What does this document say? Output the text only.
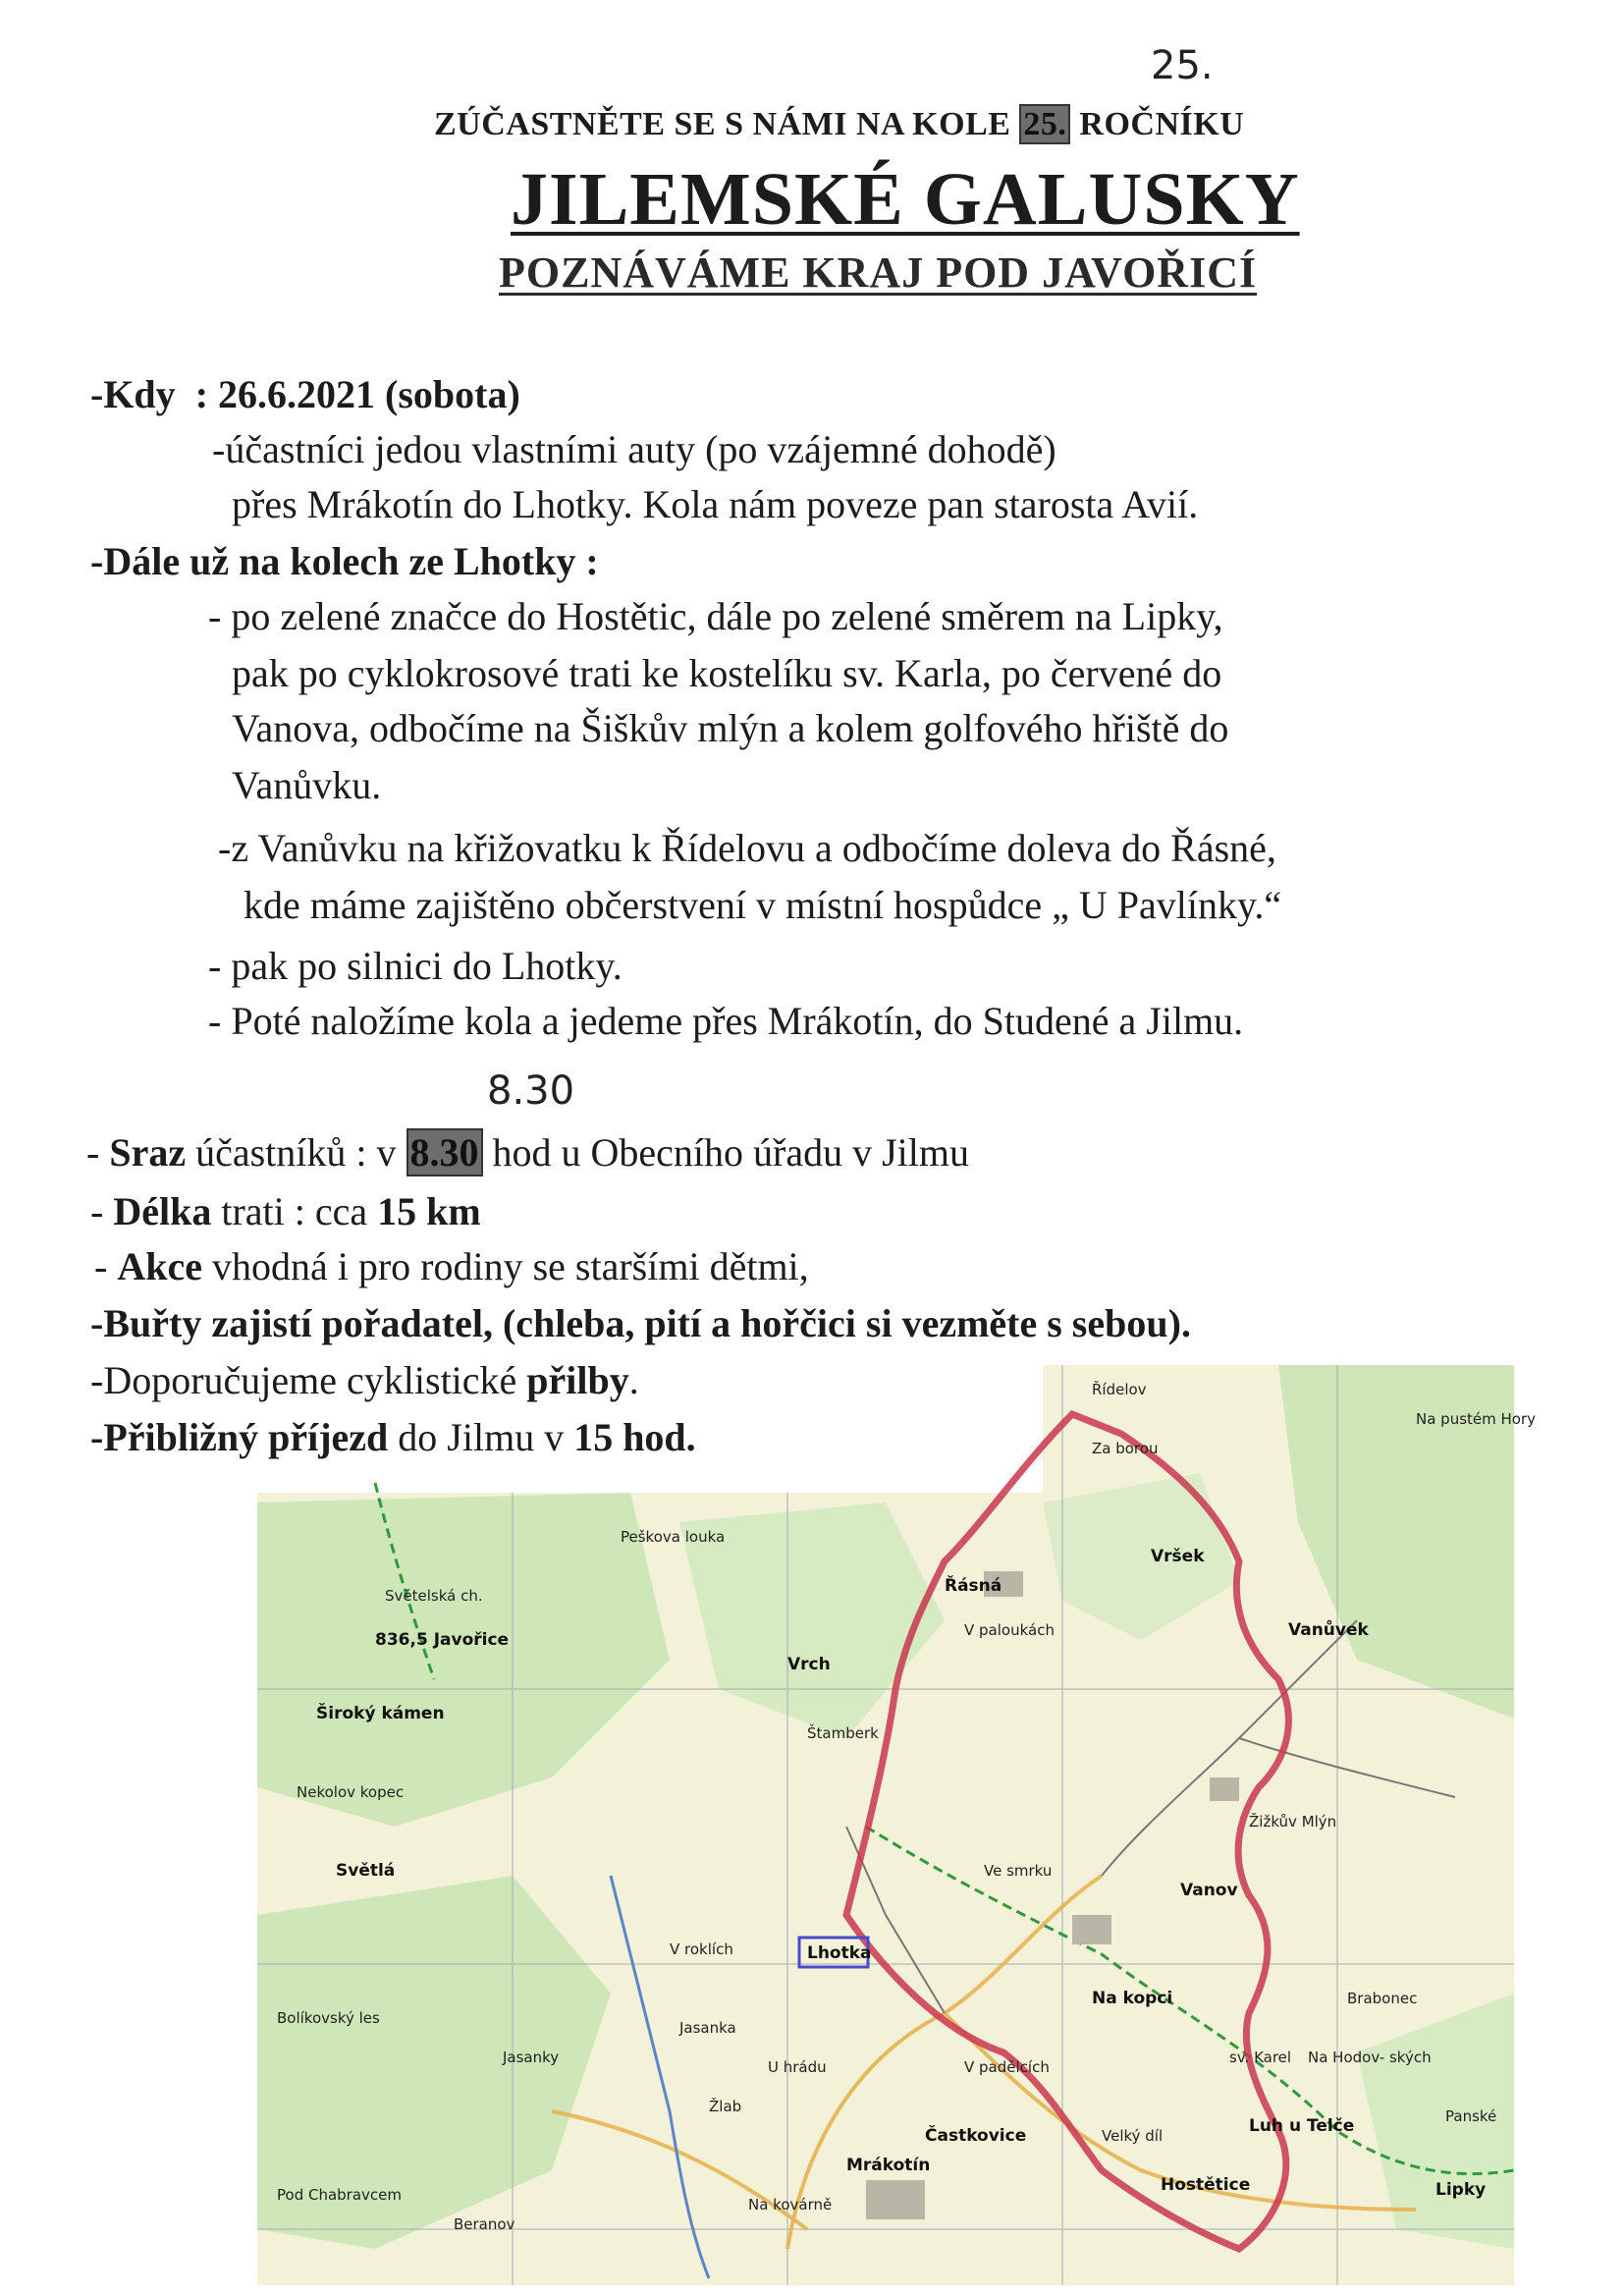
ZÚČASTNĚTE SE S NÁMI NA KOLE 25. ROČNÍKU
25.
JILEMSKÉ GALUSKY
POZNÁVÁME KRAJ POD JAVOŘICÍ
-Kdy : 26.6.2021 (sobota)
-účastníci jedou vlastními auty (po vzájemné dohodě)
přes Mrákotín do Lhotky. Kola nám poveze pan starosta Avií.
-Dále už na kolech ze Lhotky :
- po zelené značce do Hostětic, dále po zelené směrem na Lipky,
pak po cyklokrosové trati ke kostelíku sv. Karla, po červené do
Vanova, odbočíme na Šiškův mlýn a kolem golfového hřiště do
Vanůvku.
-z Vanůvku na křižovatku k Řídelovu a odbočíme doleva do Řásné,
kde máme zajištěno občerstvení v místní hospůdce „ U Pavlínky.“
- pak po silnici do Lhotky.
- Poté naložíme kola a jedeme přes Mrákotín, do Studené a Jilmu.
8.30
- Sraz účastníků : v 8.30 hod u Obecního úřadu v Jilmu
- Délka trati : cca 15 km
- Akce vhodná i pro rodiny se staršími dětmi,
-Buřty zajistí pořadatel, (chleba, pití a hořčici si vezměte s sebou).
-Doporučujeme cyklistické přilby.
-Přibližný příjezd do Jilmu v 15 hod.
836,5 Javořice
Světelská ch.
Široký kámen
Nekolov kopec
Světlá
Peškova louka
Řásná
Vrch
Štamberk
Lhotka
V roklích
Jasanka
Bolíkovský les
Jasanky
U hrádu
Žlab
Mrákotín
Na kovárně
Pod Chabravcem
Beranov
Řídelov
Za borou
Vršek
V paloukách	Vanůvek
Ve smrku
Vanov
Žižkův Mlýn
Na kopci	Brabonec
V padělcích
sv. Karel Na Hodov- ských
Velký díl
Častkovice
Hostětice	Lipky
Panské
Na pustém Hory
Luh u Telče
